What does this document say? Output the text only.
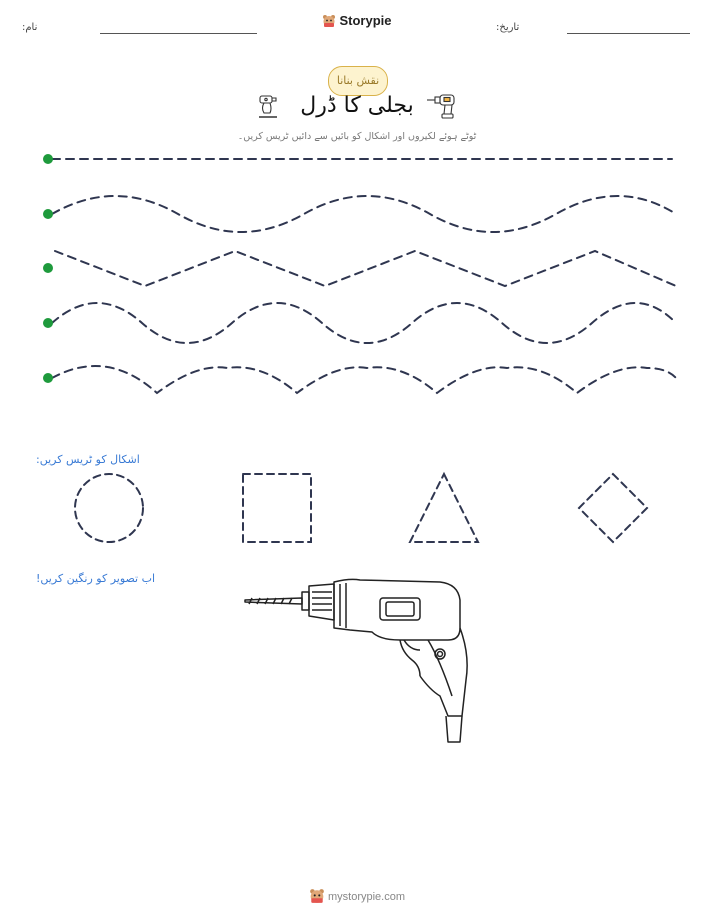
نام:	Storypie	تاریخ:
نقش بنانا
بجلی کا ڈرل
ٹوٹے ہوئے لکیروں اور اشکال کو بائیں سے دائیں ٹریس کریں۔
اشکال کو ٹریس کریں:
اب تصویر کو رنگین کریں!
mystorypie.com
